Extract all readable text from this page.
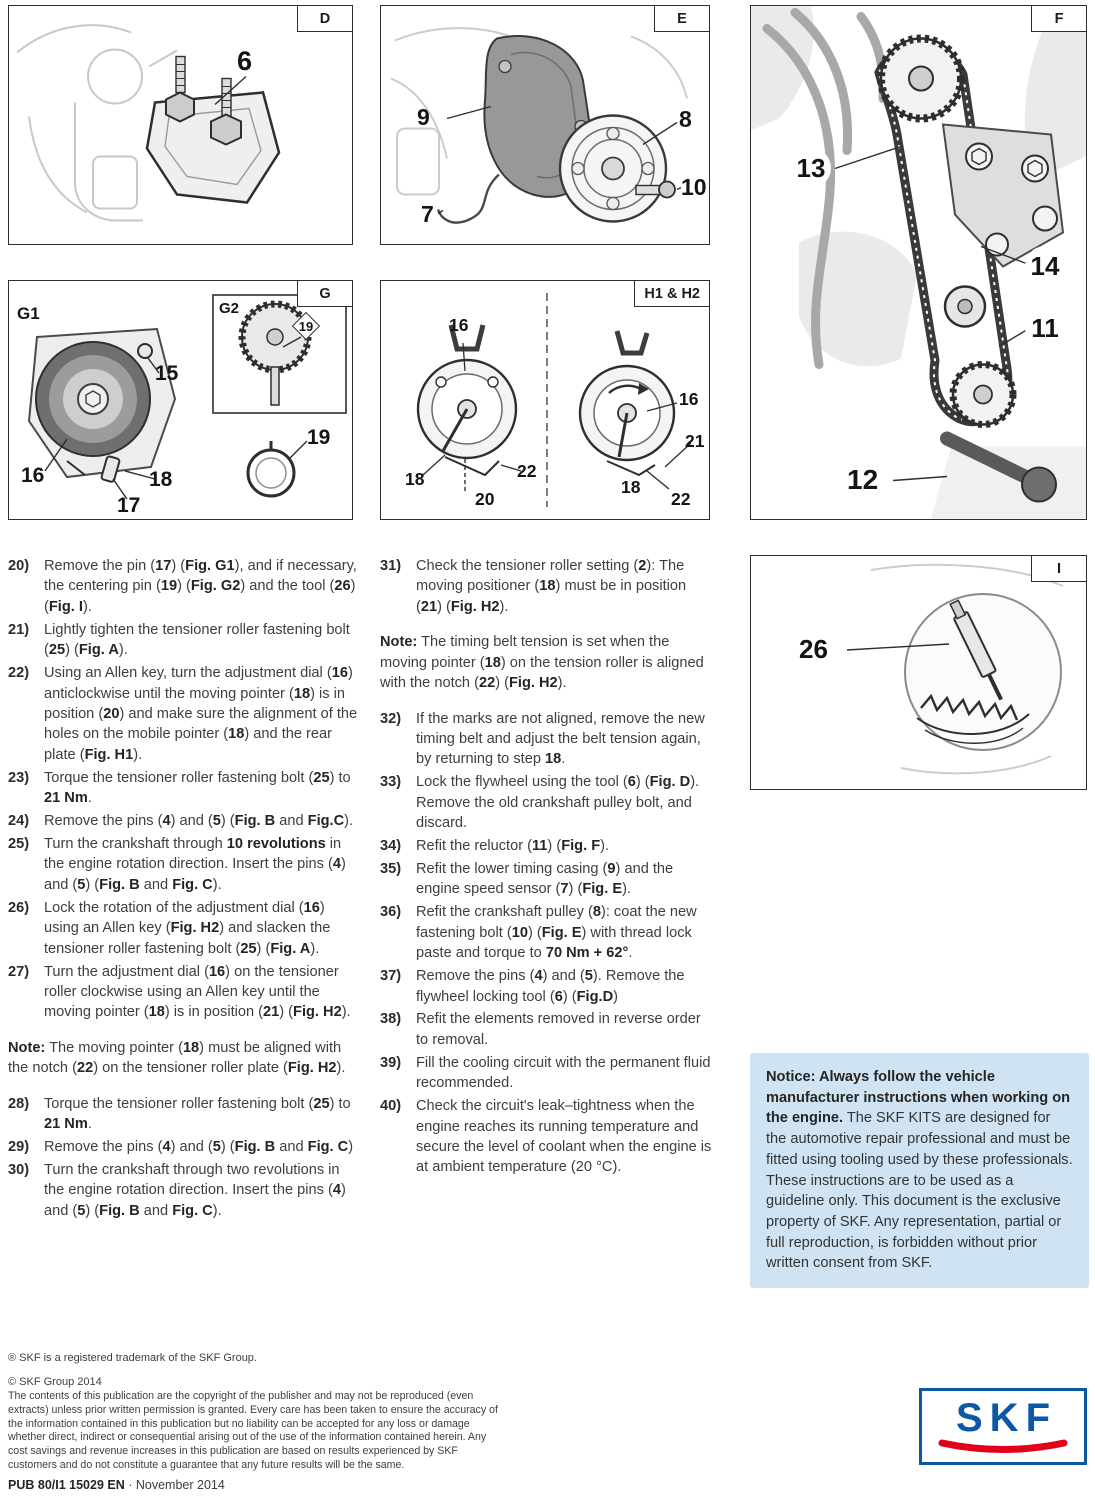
D
6
E
9	8
10
7
F
13
14
11
12
G
G1	G2
15
16
17
18
19
19
H1 & H2
16
18
20
22
16
21
18
22
I
26
20)	Remove the pin (17) (Fig. G1), and if necessary, the centering pin (19) (Fig. G2) and the tool (26) (Fig. I).
21)	Lightly tighten the tensioner roller fastening bolt (25) (Fig. A).
22)	Using an Allen key, turn the adjustment dial (16) anticlockwise until the moving pointer (18) is in position (20) and make sure the alignment of the holes on the mobile pointer (18) and the rear plate (Fig. H1).
23)	Torque the tensioner roller fastening bolt (25) to 21 Nm.
24)	Remove the pins (4) and (5) (Fig. B and Fig.C).
25)	Turn the crankshaft through 10 revolutions in the engine rotation direction. Insert the pins (4) and (5) (Fig. B and Fig. C).
26)	Lock the rotation of the adjustment dial (16) using an Allen key (Fig. H2) and slacken the tensioner roller fastening bolt (25) (Fig. A).
27)	Turn the adjustment dial (16) on the tensioner roller clockwise using an Allen key until the moving pointer (18) is in position (21) (Fig. H2).
Note: The moving pointer (18) must be aligned with the notch (22) on the tensioner roller plate (Fig. H2).
28)	Torque the tensioner roller fastening bolt (25) to 21 Nm.
29)	Remove the pins (4) and (5) (Fig. B and Fig. C)
30)	Turn the crankshaft through two revolutions in the engine rotation direction. Insert the pins (4) and (5) (Fig. B and Fig. C).
31)	Check the tensioner roller setting (2): The moving positioner (18) must be in position (21) (Fig. H2).
Note: The timing belt tension is set when the moving pointer (18) on the tension roller is aligned with the notch (22) (Fig. H2).
32)	If the marks are not aligned, remove the new timing belt and adjust the belt tension again, by returning to step 18.
33)	Lock the flywheel using the tool (6) (Fig. D). Remove the old crankshaft pulley bolt, and discard.
34)	Refit the reluctor (11) (Fig. F).
35)	Refit the lower timing casing (9) and the engine speed sensor (7) (Fig. E).
36)	Refit the crankshaft pulley (8): coat the new fastening bolt (10) (Fig. E) with thread lock paste and torque to 70 Nm + 62°.
37)	Remove the pins (4) and (5). Remove the flywheel locking tool (6) (Fig.D)
38)	Refit the elements removed in reverse order to removal.
39)	Fill the cooling circuit with the permanent fluid recommended.
40)	Check the circuit's leak–tightness when the engine reaches its running temperature and secure the level of coolant when the engine is at ambient temperature (20 °C).
Notice: Always follow the vehicle manufacturer instructions when working on the engine. The SKF KITS are designed for the automotive repair professional and must be fitted using tooling used by these professionals. These instructions are to be used as a guideline only. This document is the exclusive property of SKF. Any representation, partial or full reproduction, is forbidden without prior written consent from SKF.
® SKF is a registered trademark of the SKF Group.
© SKF Group 2014
The contents of this publication are the copyright of the publisher and may not be reproduced (even extracts) unless prior written permission is granted. Every care has been taken to ensure the accuracy of the information contained in this publication but no liability can be accepted for any loss or damage whether direct, indirect or consequential arising out of the use of the information contained herein. Any cost savings and revenue increases in this publication are based on results experienced by SKF customers and do not constitute a guarantee that any future results will be the same.
PUB 80/I1 15029 EN · November 2014
SKF
